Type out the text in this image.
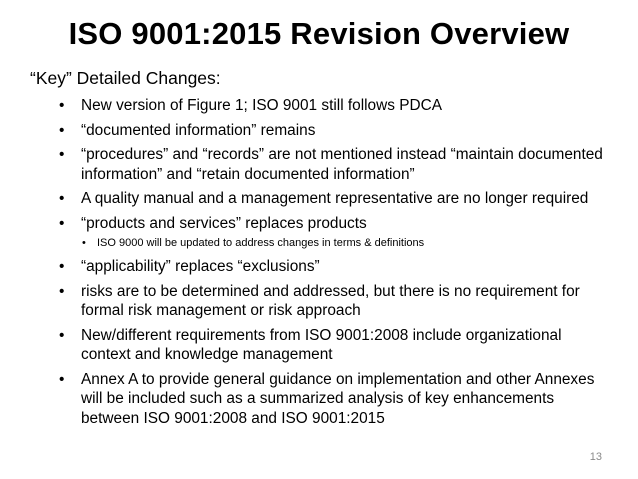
ISO 9001:2015 Revision Overview
“Key” Detailed Changes:
• New version of Figure 1; ISO 9001 still follows PDCA
• “documented information” remains
• “procedures” and “records” are not mentioned instead “maintain documented information” and “retain documented information”
• A quality manual and a management representative are no longer required
• “products and services” replaces products
• ISO 9000 will be updated to address changes in terms & definitions
• “applicability” replaces “exclusions”
• risks are to be determined and addressed, but there is no requirement for formal risk management or risk approach
• New/different requirements from ISO 9001:2008 include organizational context and knowledge management
• Annex A to provide general guidance on implementation and other Annexes will be included such as a summarized analysis of key enhancements between ISO 9001:2008 and ISO 9001:2015
13
